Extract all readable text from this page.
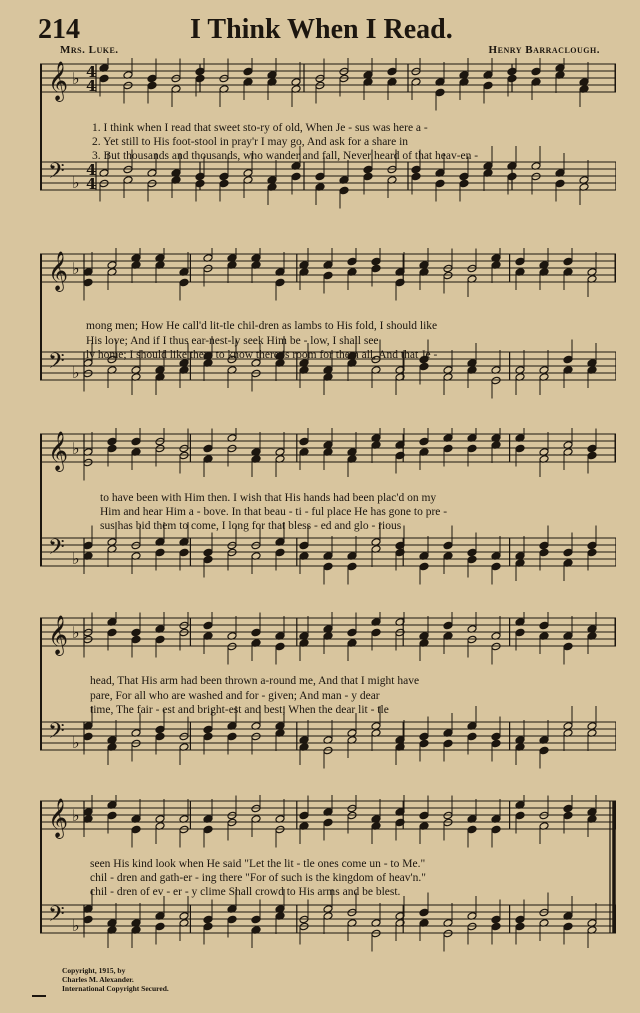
214	I Think When I Read.
Mrs. Luke.	Henry Barraclough.
𝄞 ♭
𝄢 ♭
4
4
4
4
1. I think when I read that sweet sto-ry of old, When Je - sus was here a -
2. Yet still to His foot-stool in pray'r I may go, And ask for a share in
3. But thousands and thousands, who wander and fall, Never heard of that heav-en -
𝄞 ♭
𝄢 ♭
mong men; How He call'd lit-tle chil-dren as lambs to His fold, I should like
His love; And if I thus ear-nest-ly seek Him be - low, I shall see
ly home; I should like them to know there is room for them all, And that Je -
𝄞 ♭
𝄢 ♭
to have been with Him then. I wish that His hands had been plac'd on my
Him and hear Him a - bove. In that beau - ti - ful place He has gone to pre -
sus has bid them to come, I long for that bless - ed and glo - rious
𝄞 ♭
𝄢 ♭
head, That His arm had been thrown a-round me, And that I might have
pare, For all who are washed and for - given; And man - y dear
time, The fair - est and bright-est and best; When the dear lit - tle
𝄞 ♭
𝄢 ♭
seen His kind look when He said "Let the lit - tle ones come un - to Me."
chil - dren and gath-er - ing there "For of such is the kingdom of heav'n."
chil - dren of ev - er - y clime Shall crowd to His arms and be blest.
Copyright, 1915, by
Charles M. Alexander.
International Copyright Secured.
